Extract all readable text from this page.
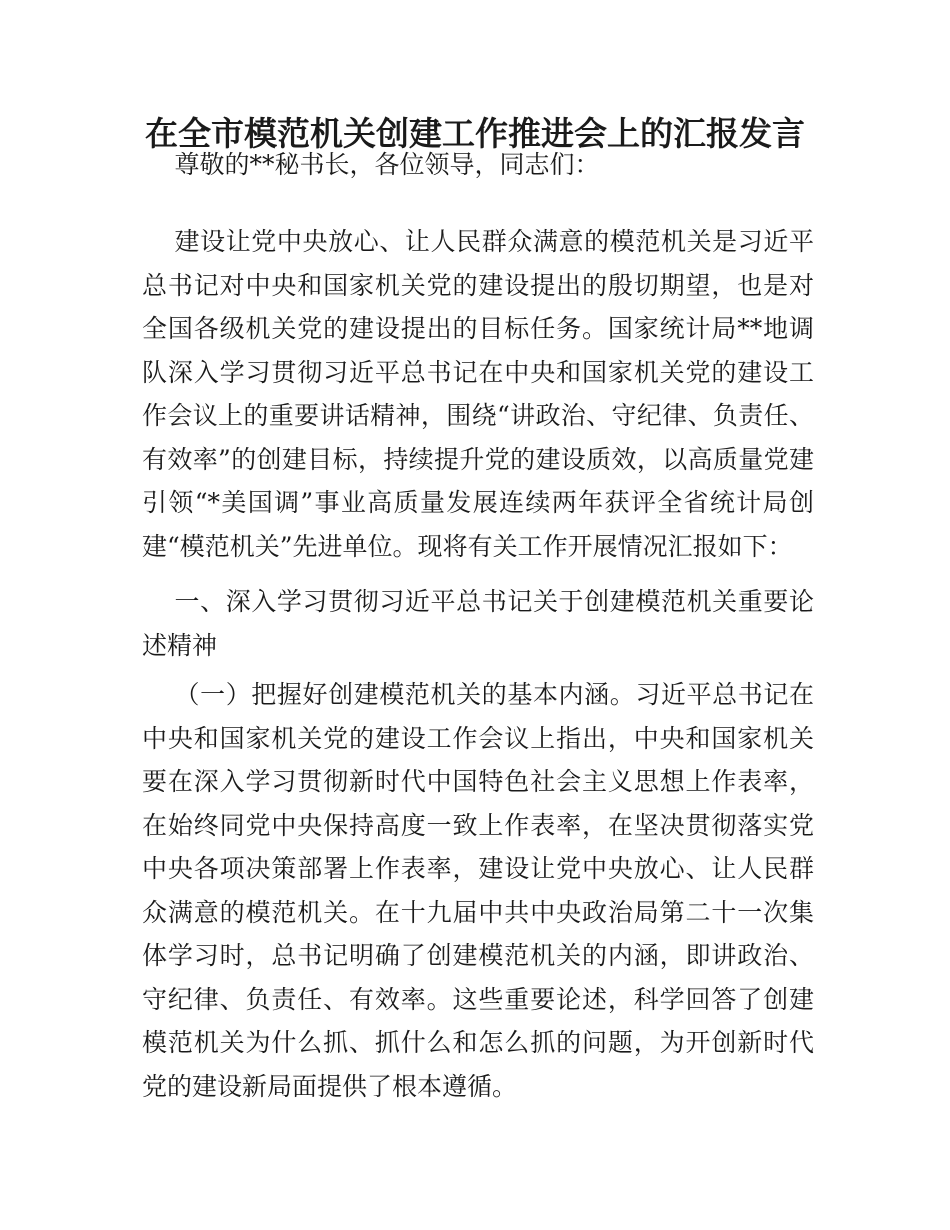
在全市模范机关创建工作推进会上的汇报发言

尊敬的**秘书长，各位领导，同志们：

建设让党中央放心、让人民群众满意的模范机关是习近平总书记对中央和国家机关党的建设提出的殷切期望，也是对全国各级机关党的建设提出的目标任务。国家统计局**地调队深入学习贯彻习近平总书记在中央和国家机关党的建设工作会议上的重要讲话精神，围绕“讲政治、守纪律、负责任、有效率”的创建目标，持续提升党的建设质效，以高质量党建引领“*美国调”事业高质量发展连续两年获评全省统计局创建“模范机关”先进单位。现将有关工作开展情况汇报如下：

一、深入学习贯彻习近平总书记关于创建模范机关重要论述精神

（一）把握好创建模范机关的基本内涵。习近平总书记在中央和国家机关党的建设工作会议上指出，中央和国家机关要在深入学习贯彻新时代中国特色社会主义思想上作表率，在始终同党中央保持高度一致上作表率，在坚决贯彻落实党中央各项决策部署上作表率，建设让党中央放心、让人民群众满意的模范机关。在十九届中共中央政治局第二十一次集体学习时，总书记明确了创建模范机关的内涵，即讲政治、守纪律、负责任、有效率。这些重要论述，科学回答了创建模范机关为什么抓、抓什么和怎么抓的问题，为开创新时代党的建设新局面提供了根本遵循。
